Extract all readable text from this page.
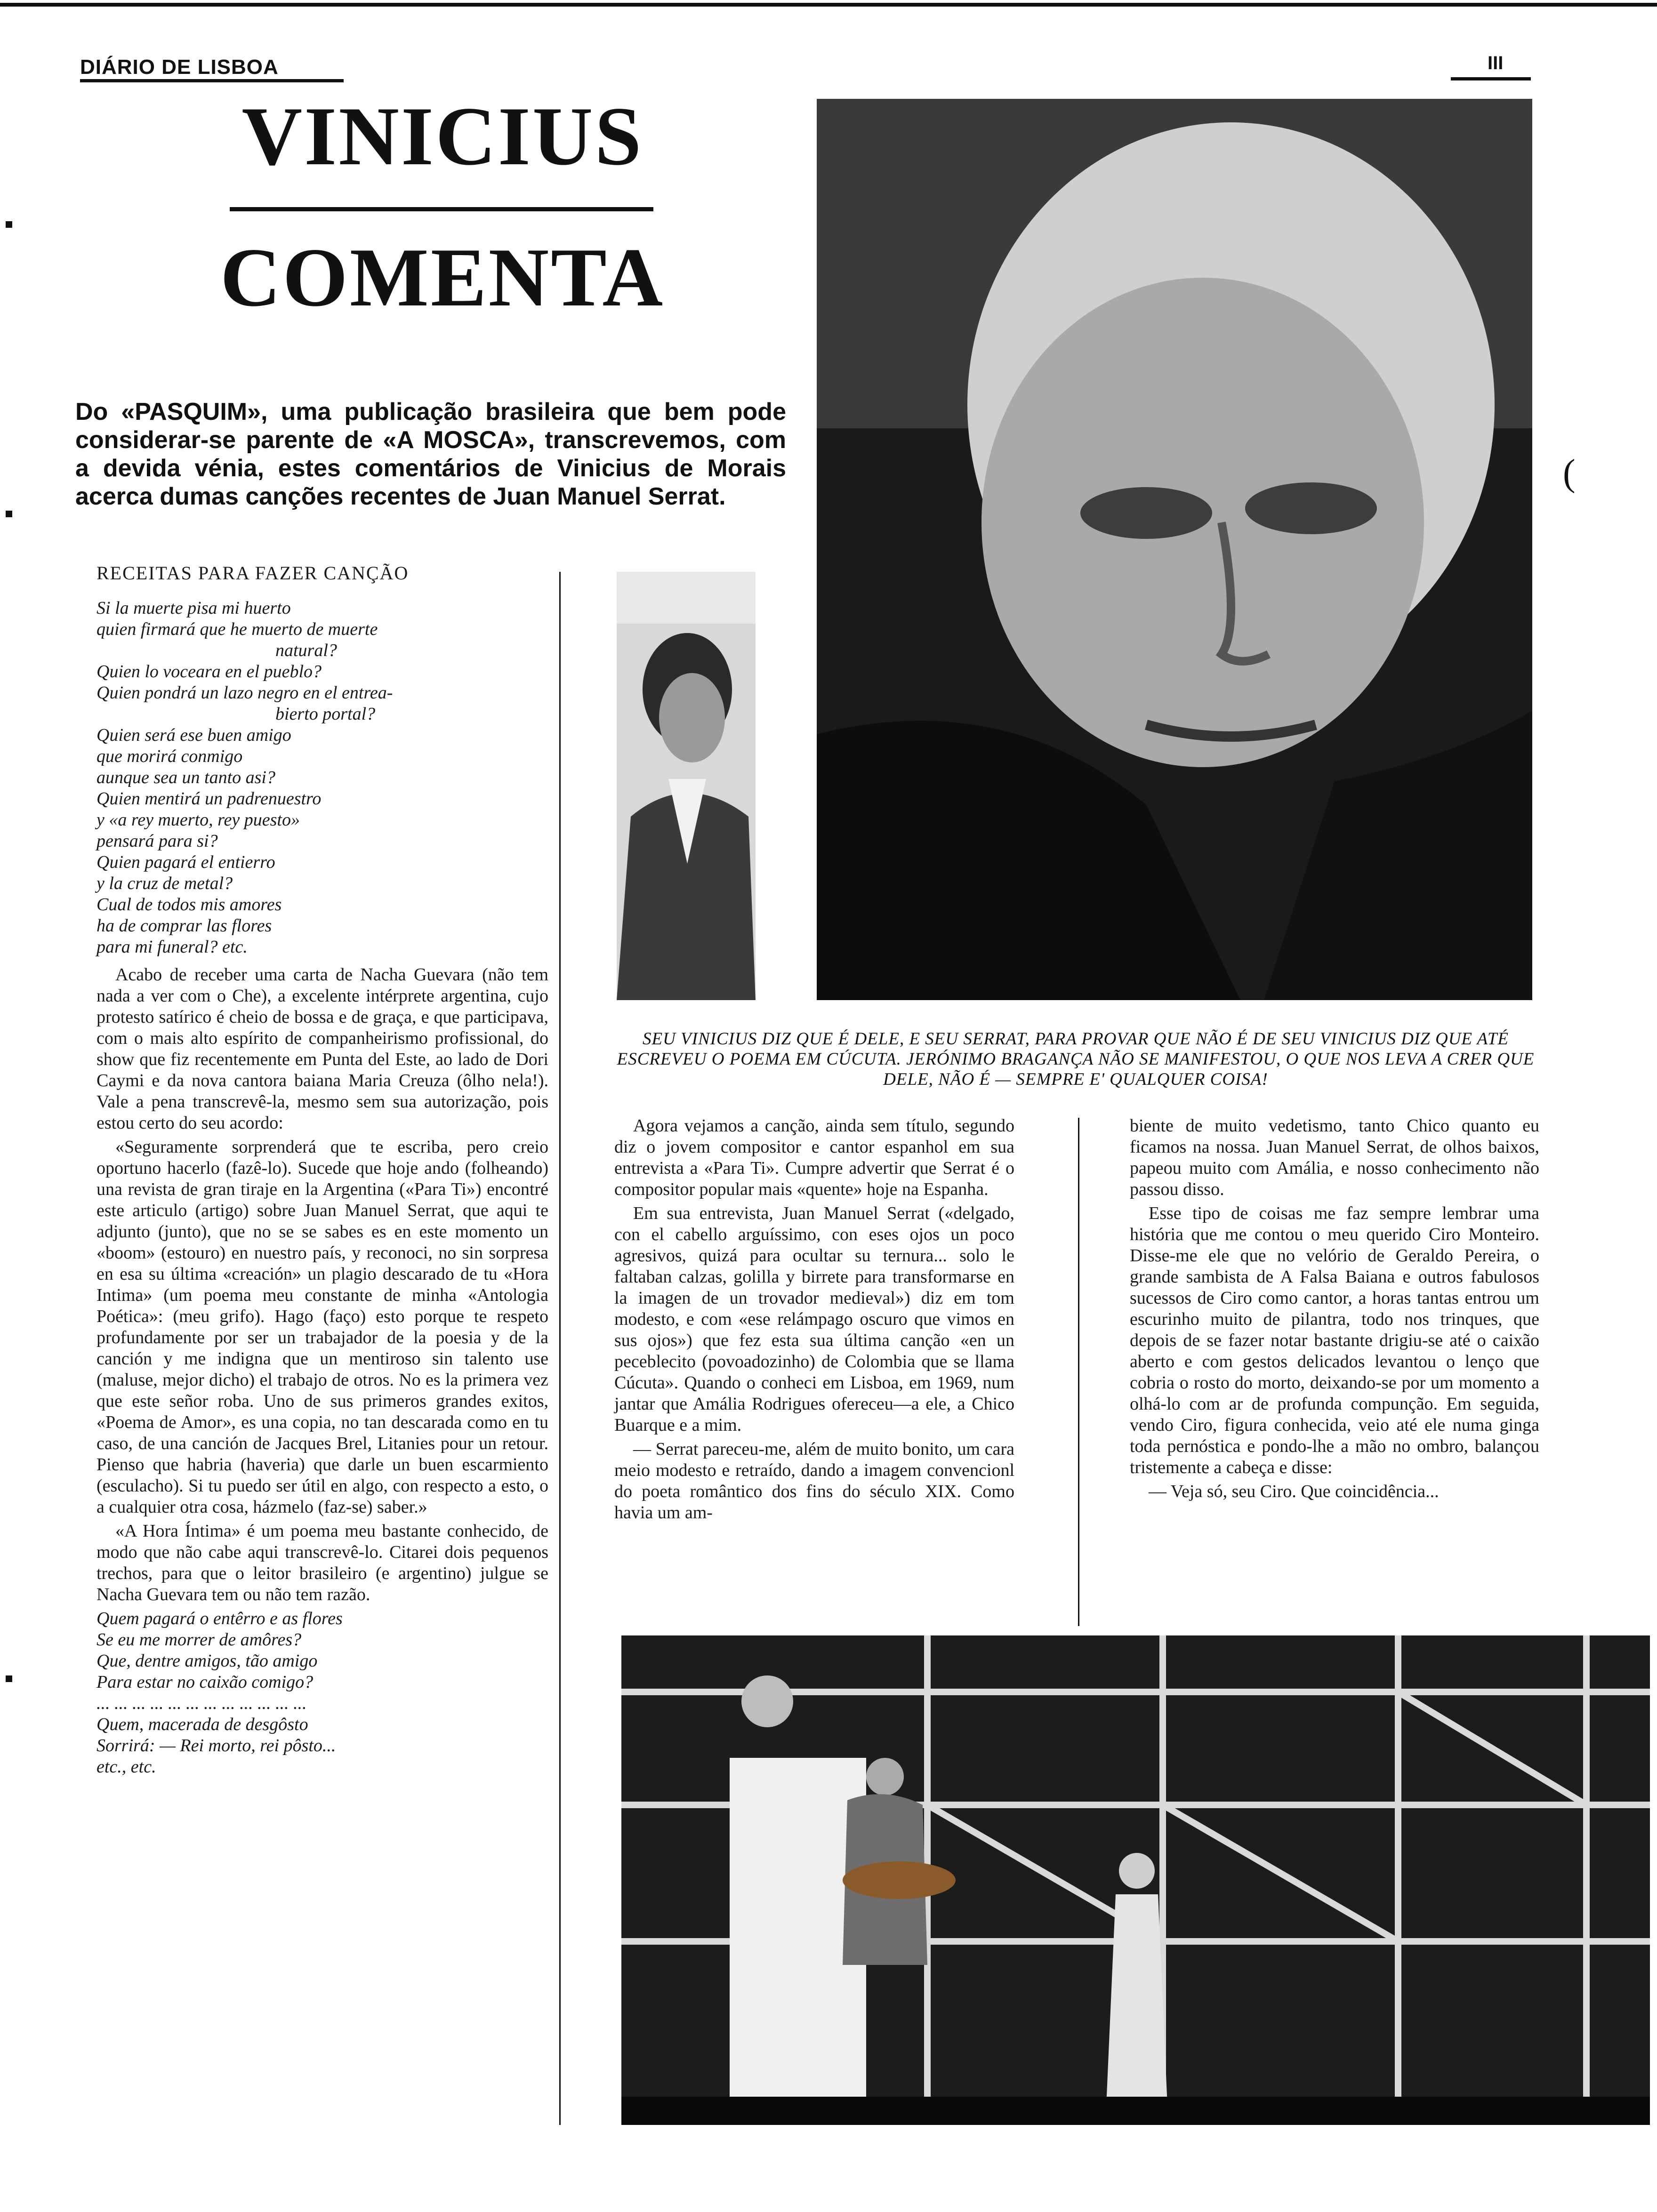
DIÁRIO DE LISBOA	III
VINICIUS
COMENTA
Do «PASQUIM», uma publicação brasileira que bem pode considerar-se parente de «A MOSCA», transcrevemos, com a devida vénia, estes comentários de Vinicius de Morais acerca dumas canções recentes de Juan Manuel Serrat.
RECEITAS PARA FAZER CANÇÃO
Si la muerte pisa mi huerto
quien firmará que he muerto de muerte
natural?
Quien lo voceara en el pueblo?
Quien pondrá un lazo negro en el entrea-
bierto portal?
Quien será ese buen amigo
que morirá conmigo
aunque sea un tanto asi?
Quien mentirá un padrenuestro
y «a rey muerto, rey puesto»
pensará para si?
Quien pagará el entierro
y la cruz de metal?
Cual de todos mis amores
ha de comprar las flores
para mi funeral? etc.

Acabo de receber uma carta de Nacha Guevara (não tem nada a ver com o Che), a excelente intérprete argentina, cujo protesto satírico é cheio de bossa e de graça, e que participava, com o mais alto espírito de companheirismo profissional, do show que fiz recentemente em Punta del Este, ao lado de Dori Caymi e da nova cantora baiana Maria Creuza (ôlho nela!). Vale a pena transcrevê-la, mesmo sem sua autorização, pois estou certo do seu acordo:

«Seguramente sorprenderá que te escriba, pero creio oportuno hacerlo (fazê-lo). Sucede que hoje ando (folheando) una revista de gran tiraje en la Argentina («Para Ti») encontré este articulo (artigo) sobre Juan Manuel Serrat, que aqui te adjunto (junto), que no se se sabes es en este momento un «boom» (estouro) en nuestro país, y reconoci, no sin sorpresa en esa su última «creación» un plagio descarado de tu «Hora Intima» (um poema meu constante de minha «Antologia Poética»: (meu grifo). Hago (faço) esto porque te respeto profundamente por ser un trabajador de la poesia y de la canción y me indigna que un mentiroso sin talento use (maluse, mejor dicho) el trabajo de otros. No es la primera vez que este señor roba. Uno de sus primeros grandes exitos, «Poema de Amor», es una copia, no tan descarada como en tu caso, de una canción de Jacques Brel, Litanies pour un retour. Pienso que habria (haveria) que darle un buen escarmiento (esculacho). Si tu puedo ser útil en algo, con respecto a esto, o a cualquier otra cosa, házmelo (faz-se) saber.»

«A Hora Íntima» é um poema meu bastante conhecido, de modo que não cabe aqui transcrevê-lo. Citarei dois pequenos trechos, para que o leitor brasileiro (e argentino) julgue se Nacha Guevara tem ou não tem razão.

Quem pagará o entêrro e as flores
Se eu me morrer de amôres?
Que, dentre amigos, tão amigo
Para estar no caixão comigo?
... ... ... ... ... ... ... ... ... ... ... ...
Quem, macerada de desgôsto
Sorrirá: — Rei morto, rei pôsto...
etc., etc.
(
SEU VINICIUS DIZ QUE É DELE, E SEU SERRAT, PARA PROVAR QUE NÃO É DE SEU VINICIUS DIZ QUE ATÉ ESCREVEU O POEMA EM CÚCUTA. JERÓNIMO BRAGANÇA NÃO SE MANIFESTOU, O QUE NOS LEVA A CRER QUE DELE, NÃO É — SEMPRE E' QUALQUER COISA!

Agora vejamos a canção, ainda sem título, segundo diz o jovem compositor e cantor espanhol em sua entrevista a «Para Ti». Cumpre advertir que Serrat é o compositor popular mais «quente» hoje na Espanha.

Em sua entrevista, Juan Manuel Serrat («delgado, con el cabello arguíssimo, con eses ojos un poco agresivos, quizá para ocultar su ternura... solo le faltaban calzas, golilla y birrete para transformarse en la imagen de un trovador medieval») diz em tom modesto, e com «ese relámpago oscuro que vimos en sus ojos») que fez esta sua última canção «en un peceblecito (povoadozinho) de Colombia que se llama Cúcuta». Quando o conheci em Lisboa, em 1969, num jantar que Amália Rodrigues ofereceu—a ele, a Chico Buarque e a mim.

— Serrat pareceu-me, além de muito bonito, um cara meio modesto e retraído, dando a imagem convencionl do poeta romântico dos fins do século XIX. Como havia um am-

biente de muito vedetismo, tanto Chico quanto eu ficamos na nossa. Juan Manuel Serrat, de olhos baixos, papeou muito com Amália, e nosso conhecimento não passou disso.

Esse tipo de coisas me faz sempre lembrar uma história que me contou o meu querido Ciro Monteiro. Disse-me ele que no velório de Geraldo Pereira, o grande sambista de A Falsa Baiana e outros fabulosos sucessos de Ciro como cantor, a horas tantas entrou um escurinho muito de pilantra, todo nos trinques, que depois de se fazer notar bastante drigiu-se até o caixão aberto e com gestos delicados levantou o lenço que cobria o rosto do morto, deixando-se por um momento a olhá-lo com ar de profunda compunção. Em seguida, vendo Ciro, figura conhecida, veio até ele numa ginga toda pernóstica e pondo-lhe a mão no ombro, balançou tristemente a cabeça e disse:

— Veja só, seu Ciro. Que coincidência...
